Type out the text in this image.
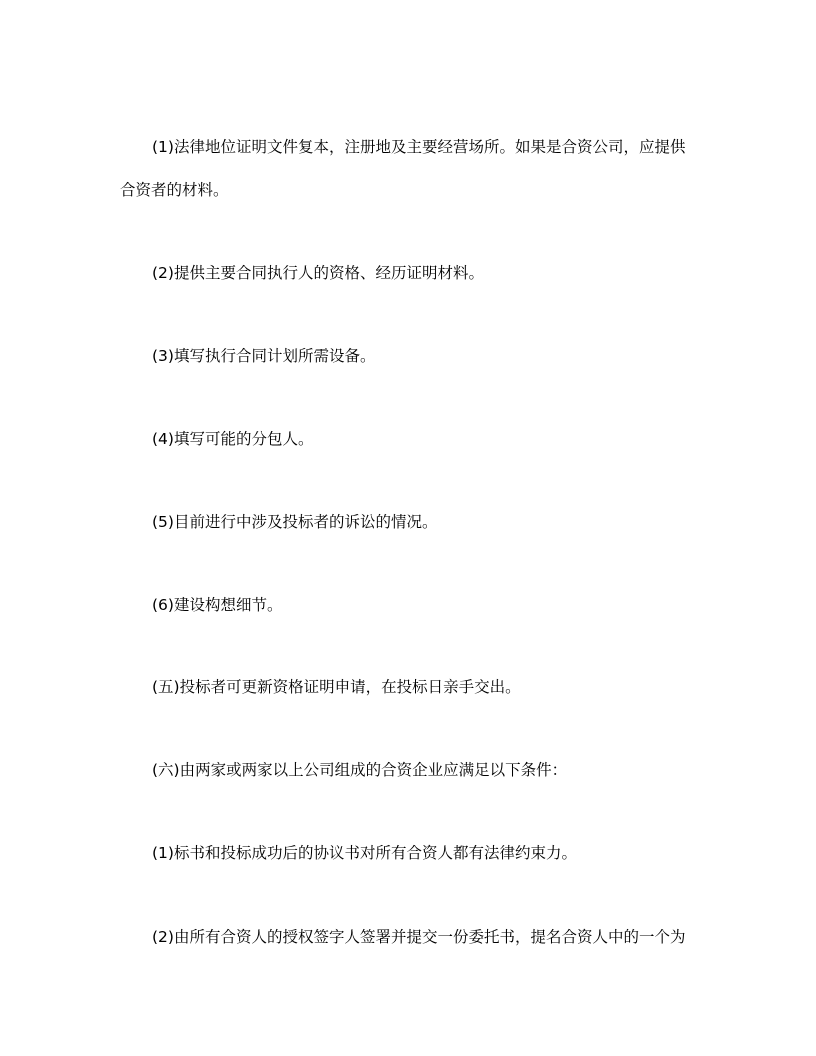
(1)法律地位证明文件复本，注册地及主要经营场所。如果是合资公司，应提供

合资者的材料。

(2)提供主要合同执行人的资格、经历证明材料。

(3)填写执行合同计划所需设备。

(4)填写可能的分包人。

(5)目前进行中涉及投标者的诉讼的情况。

(6)建设构想细节。

(五)投标者可更新资格证明申请，在投标日亲手交出。

(六)由两家或两家以上公司组成的合资企业应满足以下条件：

(1)标书和投标成功后的协议书对所有合资人都有法律约束力。

(2)由所有合资人的授权签字人签署并提交一份委托书，提名合资人中的一个为
